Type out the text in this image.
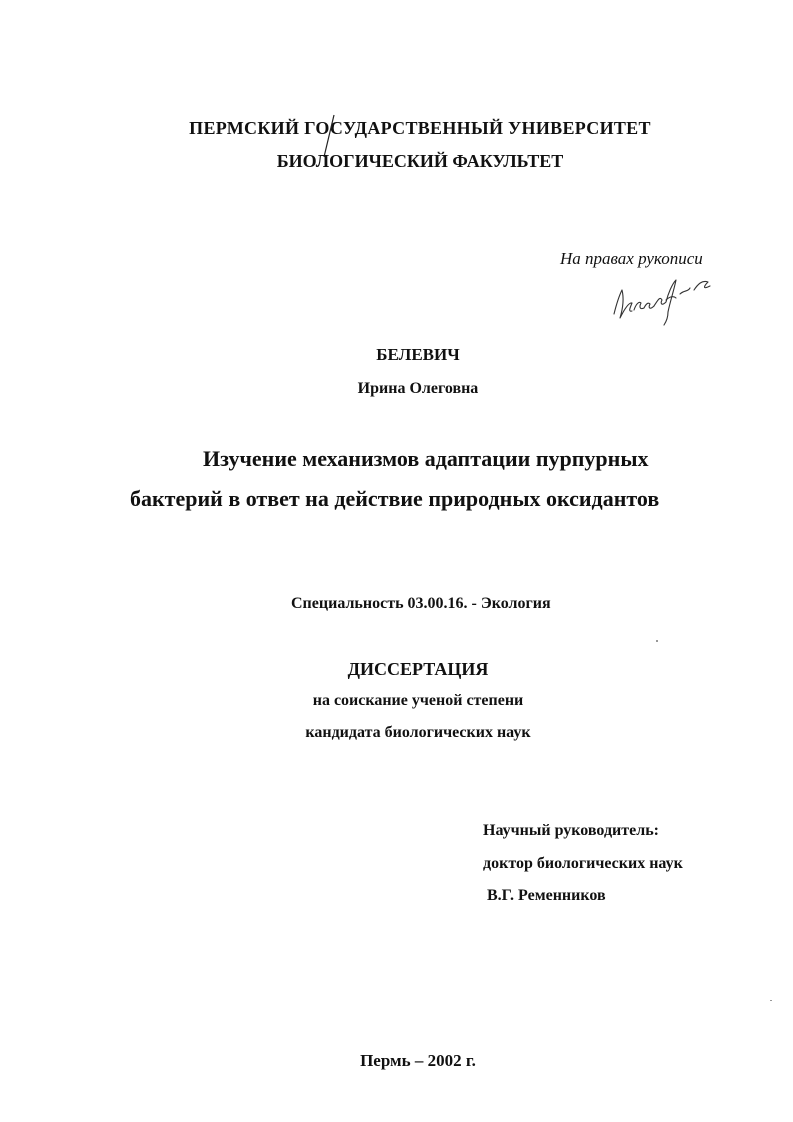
ПЕРМСКИЙ ГОСУДАРСТВЕННЫЙ УНИВЕРСИТЕТ
БИОЛОГИЧЕСКИЙ ФАКУЛЬТЕТ
На правах рукописи
БЕЛЕВИЧ
Ирина Олеговна
Изучение механизмов адаптации пурпурных
бактерий в ответ на действие природных оксидантов
Специальность 03.00.16. - Экология
ДИССЕРТАЦИЯ
на соискание ученой степени
кандидата биологических наук
Научный руководитель:
доктор биологических наук
В.Г. Ременников
Пермь – 2002 г.
